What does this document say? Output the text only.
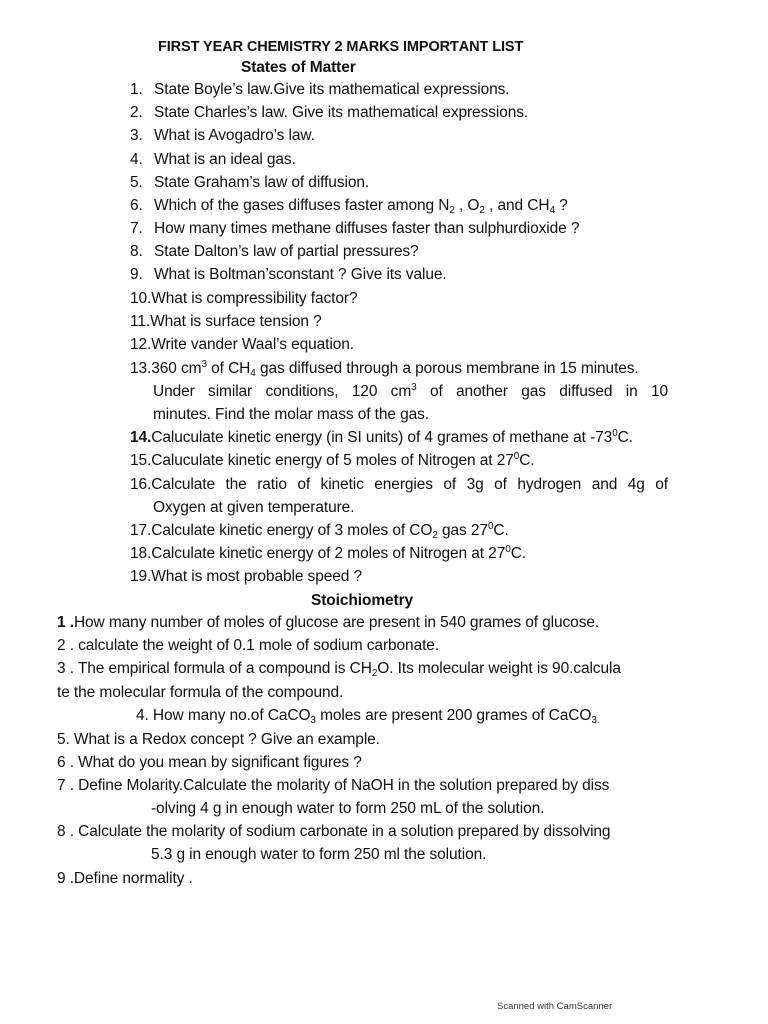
FIRST YEAR CHEMISƬRY 2 MARKS IMPORƬANT LIST
States of Matter
1. State Boyle’s law.Give its mathematical expressions.
2. State Charles’s law. Give its mathematical expressions.
3. What is Avogadro’s law.
4. What is an ideal gas.
5. State Graham’s law of diffusion.
6. Which of the gases diffuses faster among $N_2$ , $O_2$ , and $CH_4$ ?
7. How many times methane diffuses faster than sulphurdioxide ?
8. State Dalton’s law of partial pressures?
9. What is Boltman’sconstant ? Give its value.
10.What is compressibility factor?
11.What is surface tension ?
12.Write vander Waal’s equation.
13.360 $cm^3$ of $CH_4$ gas diffused through a porous membrane in 15 minutes.
Under similar conditions, 120 $cm^3$ of another gas diffused in 10
minutes. Find the molar mass of the gas.
14.Caluculate kinetic energy (in SI units) of 4 grames of methane at $-73^0C$.
15.Caluculate kinetic energy of 5 moles of Nitrogen at $27^0C$.
16.Calculate the ratio of kinetic energies of 3g of hydrogen and 4g of
Oxygen at given temperature.
17.Calculate kinetic energy of 3 moles of $CO_2$ gas $27^0C$.
18.Calculate kinetic energy of 2 moles of Nitrogen at $27^0C$.
19.What is most probable speed ?
Stoichiometry
1 .How many number of moles of glucose are present in 540 grames of glucose.
2 . calculate the weight of 0.1 mole of sodium carbonate.
3 . The empirical formula of a compound is $CH_2O$. Its molecular weight is 90.calcula
te the molecular formula of the compound.
4. How many no.of CaCO$_3$ moles are present 200 grames of CaCO$_{3.}$
5. What is a Redox concept ? Give an example.
6 . What do you mean by significant figures ?
7 . Define Molarity.Calculate the molarity of NaOH in the solution prepared by diss
-olving 4 g in enough water to form 250 mL of the solution.
8 . Calculate the molarity of sodium carbonate in a solution prepared by dissolving
5.3 g in enough water to form 250 ml the solution.
9 .Define normality .
Scanned with CamScanner
